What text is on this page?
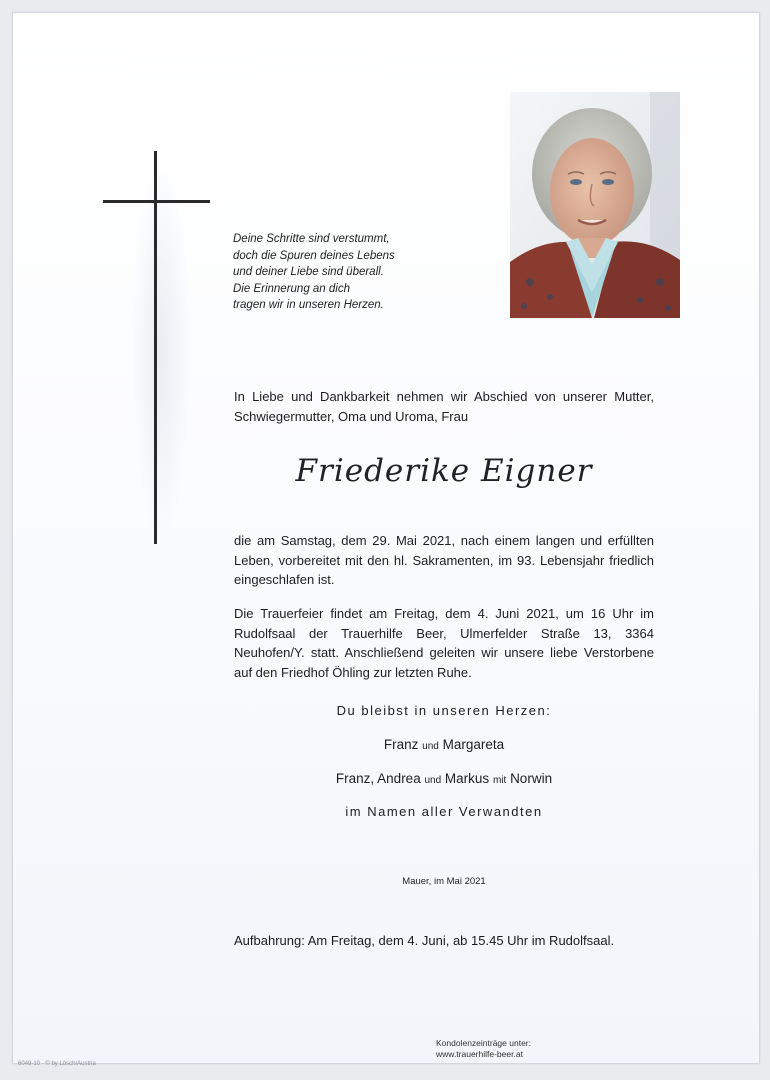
Deine Schritte sind verstummt,
doch die Spuren deines Lebens
und deiner Liebe sind überall.
Die Erinnerung an dich
tragen wir in unseren Herzen.
In Liebe und Dankbarkeit nehmen wir Abschied von unserer Mutter, Schwiegermutter, Oma und Uroma, Frau
Friederike Eigner
die am Samstag, dem 29. Mai 2021, nach einem langen und erfüllten Leben, vorbereitet mit den hl. Sakramenten, im 93. Lebensjahr friedlich eingeschlafen ist.
Die Trauerfeier findet am Freitag, dem 4. Juni 2021, um 16 Uhr im Rudolfsaal der Trauerhilfe Beer, Ulmerfelder Straße 13, 3364 Neuhofen/Y. statt. Anschließend geleiten wir unsere liebe Verstorbene auf den Friedhof Öhling zur letzten Ruhe.
Du bleibst in unseren Herzen:
Franz und Margareta
Franz, Andrea und Markus mit Norwin
im Namen aller Verwandten
Mauer, im Mai 2021
Aufbahrung: Am Freitag, dem 4. Juni, ab 15.45 Uhr im Rudolfsaal.
Kondolenzeinträge unter:
www.trauerhilfe-beer.at
6049-10 · © by Lösch/Austria
